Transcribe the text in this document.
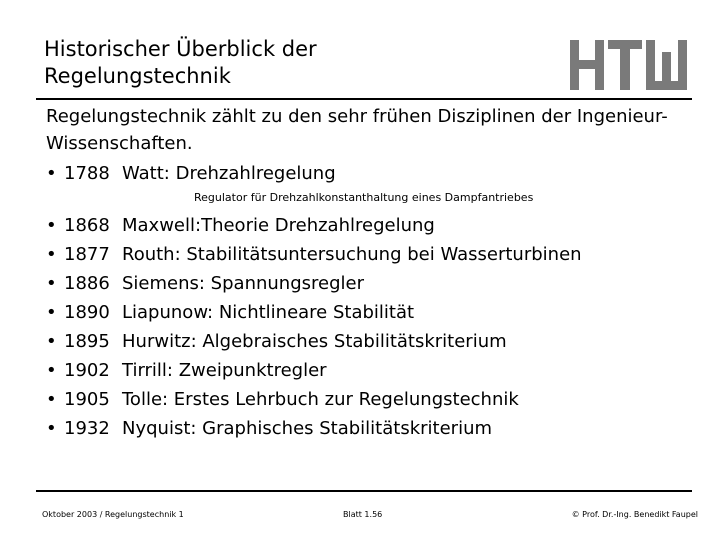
Historischer Überblick der
Regelungstechnik
Regelungstechnik zählt zu den sehr frühen Disziplinen der Ingenieur-
Wissenschaften.
• 1788 Watt: Drehzahlregelung
Regulator für Drehzahlkonstanthaltung eines Dampfantriebes
• 1868 Maxwell:Theorie Drehzahlregelung
• 1877 Routh: Stabilitätsuntersuchung bei Wasserturbinen
• 1886 Siemens: Spannungsregler
• 1890 Liapunow: Nichtlineare Stabilität
• 1895 Hurwitz: Algebraisches Stabilitätskriterium
• 1902 Tirrill: Zweipunktregler
• 1905 Tolle: Erstes Lehrbuch zur Regelungstechnik
• 1932 Nyquist: Graphisches Stabilitätskriterium
Oktober 2003 / Regelungstechnik 1	Blatt 1.56	© Prof. Dr.-Ing. Benedikt Faupel
